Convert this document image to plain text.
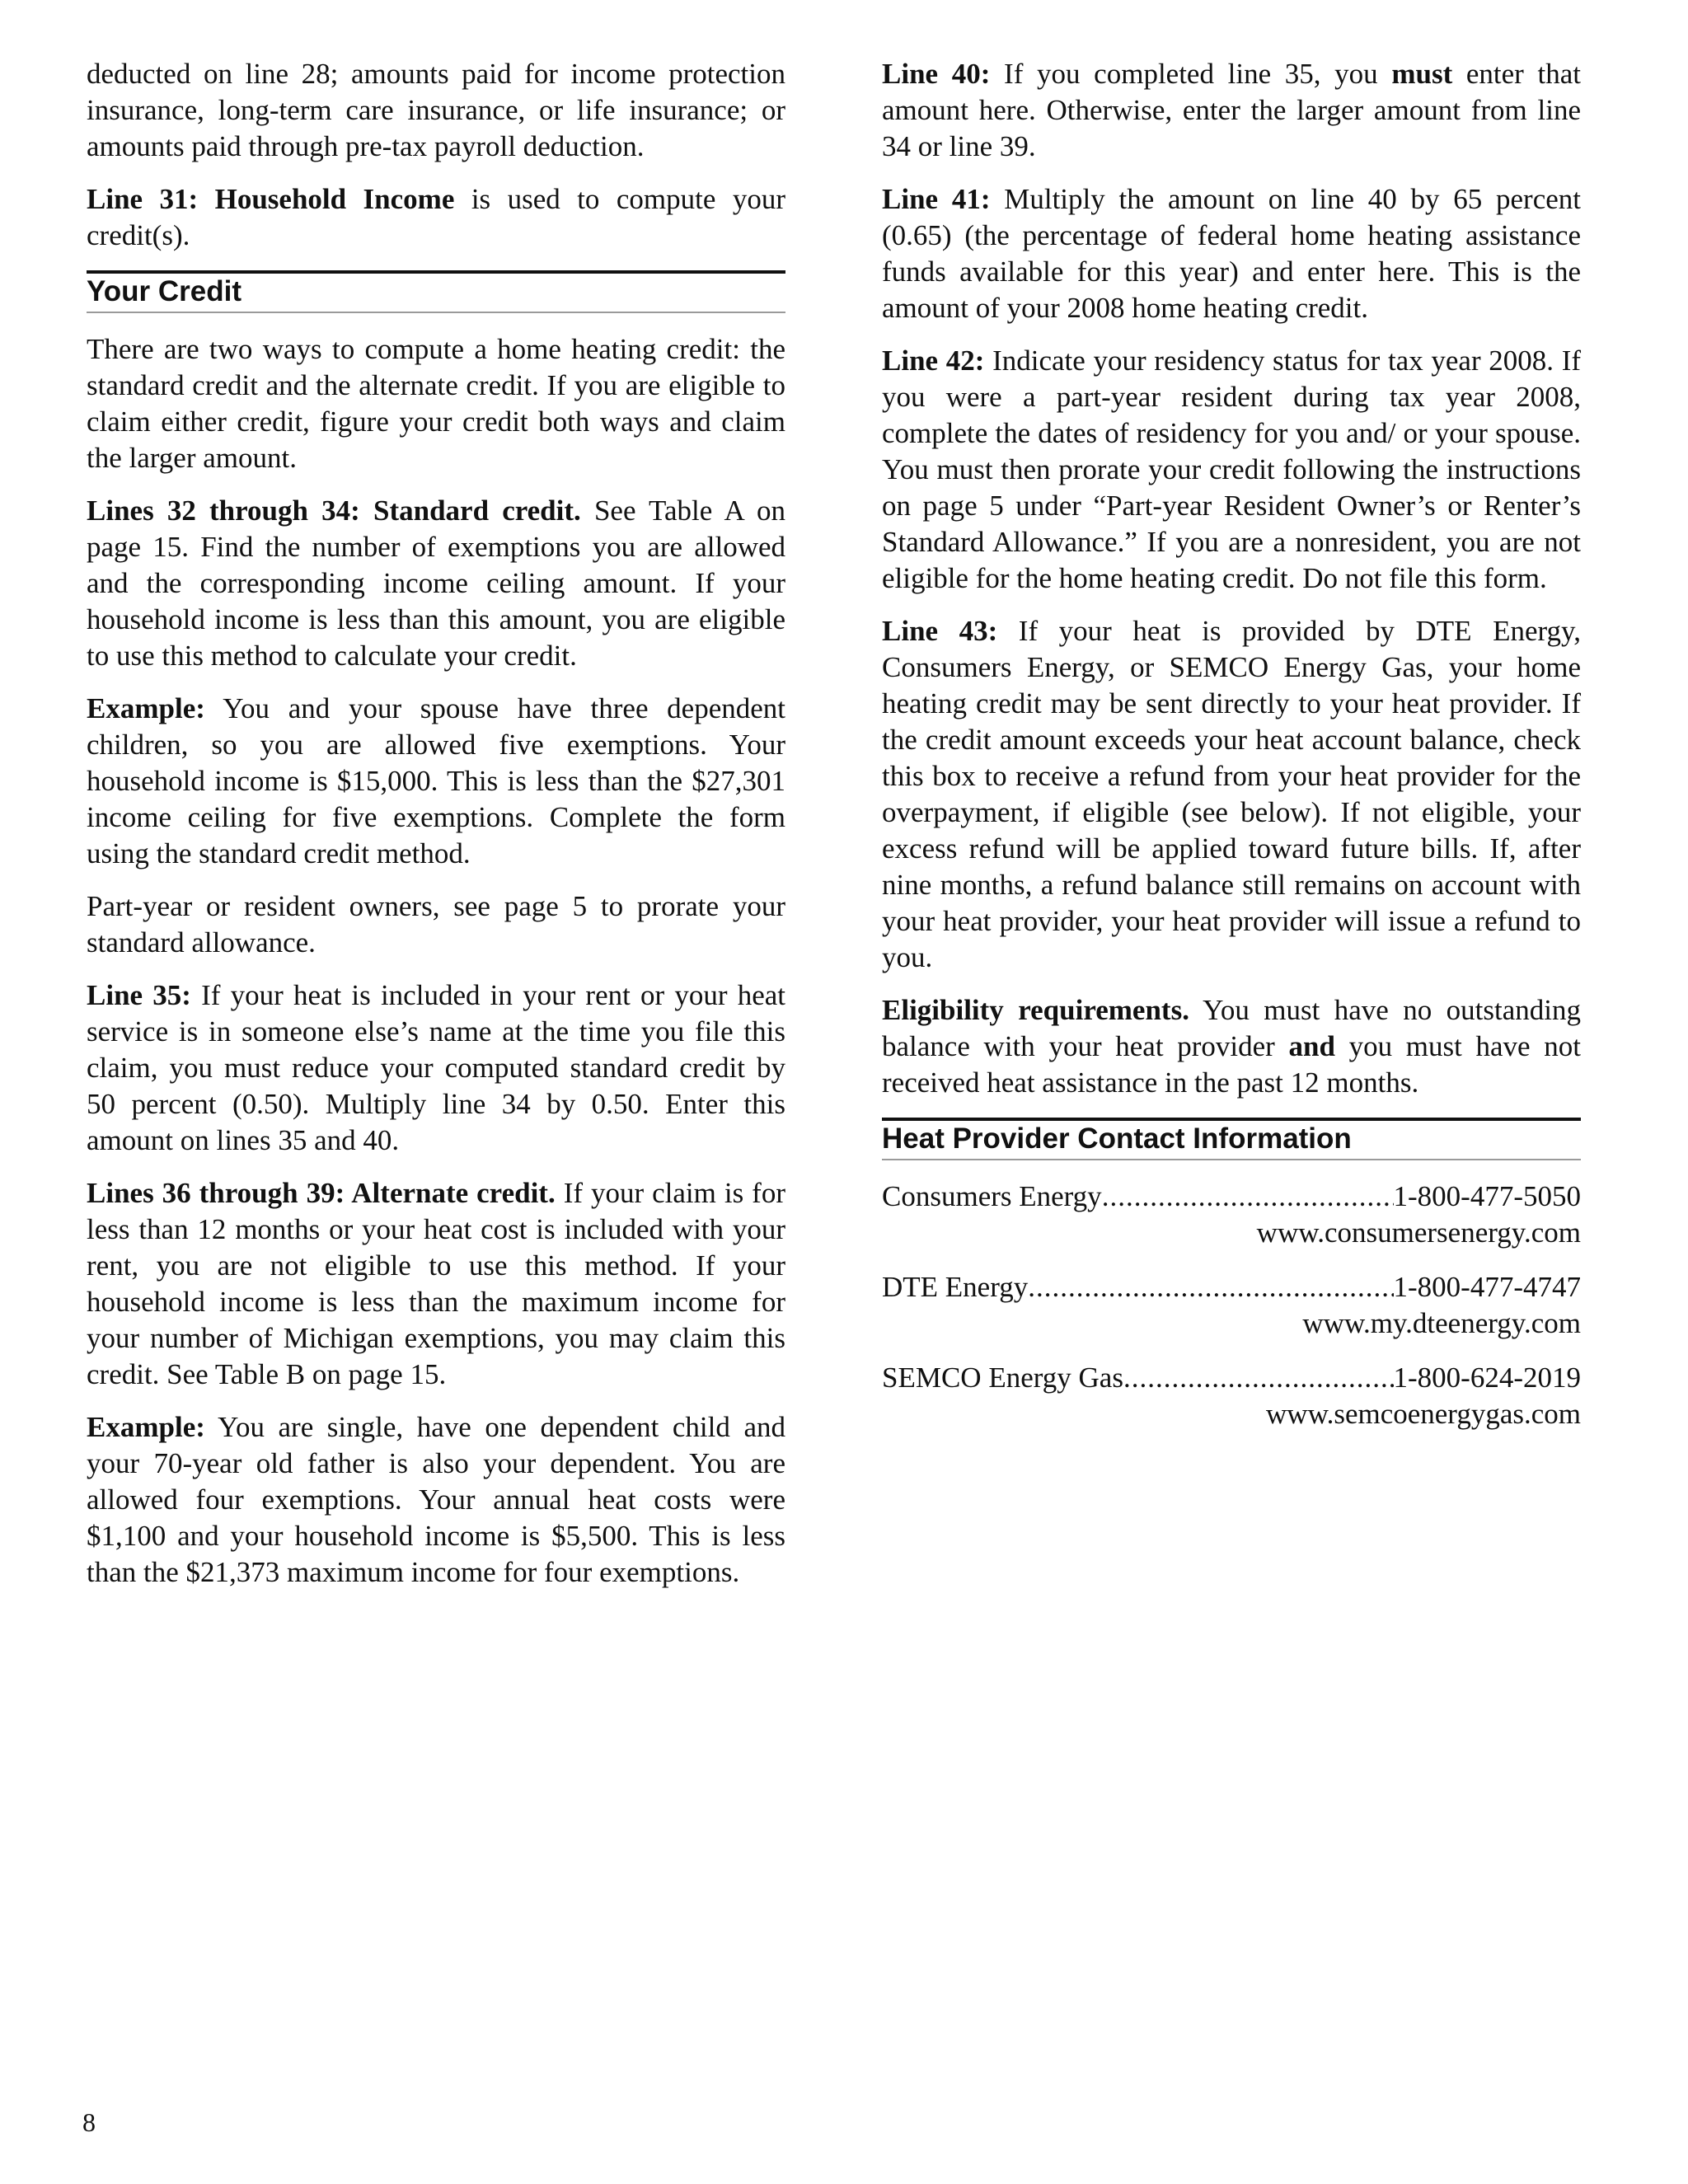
deducted on line 28; amounts paid for income protection insurance, long-term care insurance, or life insurance; or amounts paid through pre-tax payroll deduction.

Line 31: Household Income is used to compute your credit(s).

Your Credit

There are two ways to compute a home heating credit: the standard credit and the alternate credit. If you are eligible to claim either credit, figure your credit both ways and claim the larger amount.

Lines 32 through 34: Standard credit. See Table A on page 15. Find the number of exemptions you are allowed and the corresponding income ceiling amount. If your household income is less than this amount, you are eligible to use this method to calculate your credit.

Example: You and your spouse have three dependent children, so you are allowed five exemptions. Your household income is $15,000. This is less than the $27,301 income ceiling for five exemptions. Complete the form using the standard credit method.

Part-year or resident owners, see page 5 to prorate your standard allowance.

Line 35: If your heat is included in your rent or your heat service is in someone else’s name at the time you file this claim, you must reduce your computed standard credit by 50 percent (0.50). Multiply line 34 by 0.50. Enter this amount on lines 35 and 40.

Lines 36 through 39: Alternate credit. If your claim is for less than 12 months or your heat cost is included with your rent, you are not eligible to use this method. If your household income is less than the maximum income for your number of Michigan exemptions, you may claim this credit. See Table B on page 15.

Example: You are single, have one dependent child and your 70-year old father is also your dependent. You are allowed four exemptions. Your annual heat costs were $1,100 and your household income is $5,500. This is less than the $21,373 maximum income for four exemptions.

Line 40: If you completed line 35, you must enter that amount here. Otherwise, enter the larger amount from line 34 or line 39.

Line 41: Multiply the amount on line 40 by 65 percent (0.65) (the percentage of federal home heating assistance funds available for this year) and enter here. This is the amount of your 2008 home heating credit.

Line 42: Indicate your residency status for tax year 2008. If you were a part-year resident during tax year 2008, complete the dates of residency for you and/ or your spouse. You must then prorate your credit following the instructions on page 5 under “Part-year Resident Owner’s or Renter’s Standard Allowance.” If you are a nonresident, you are not eligible for the home heating credit. Do not file this form.

Line 43: If your heat is provided by DTE Energy, Consumers Energy, or SEMCO Energy Gas, your home heating credit may be sent directly to your heat provider. If the credit amount exceeds your heat account balance, check this box to receive a refund from your heat provider for the overpayment, if eligible (see below). If not eligible, your excess refund will be applied toward future bills. If, after nine months, a refund balance still remains on account with your heat provider, your heat provider will issue a refund to you.

Eligibility requirements. You must have no outstanding balance with your heat provider and you must have not received heat assistance in the past 12 months.

Heat Provider Contact Information
Consumers Energy .....	1-800-477-5050
www.consumersenergy.com
DTE Energy .....	1-800-477-4747
www.my.dteenergy.com
SEMCO Energy Gas .....	1-800-624-2019
www.semcoenergygas.com
8
